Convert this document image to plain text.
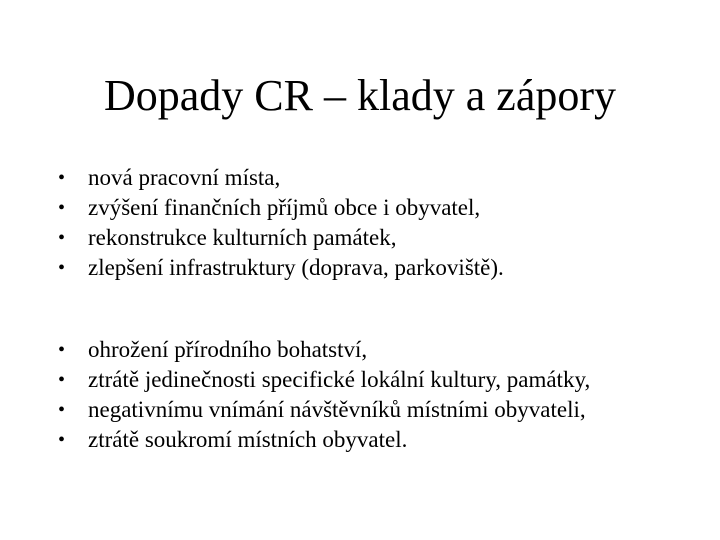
Dopady CR – klady a zápory
• nová pracovní místa,
• zvýšení finančních příjmů obce i obyvatel,
• rekonstrukce kulturních památek,
• zlepšení infrastruktury (doprava, parkoviště).
• ohrožení přírodního bohatství,
• ztrátě jedinečnosti specifické lokální kultury, památky,
• negativnímu vnímání návštěvníků místními obyvateli,
• ztrátě soukromí místních obyvatel.
